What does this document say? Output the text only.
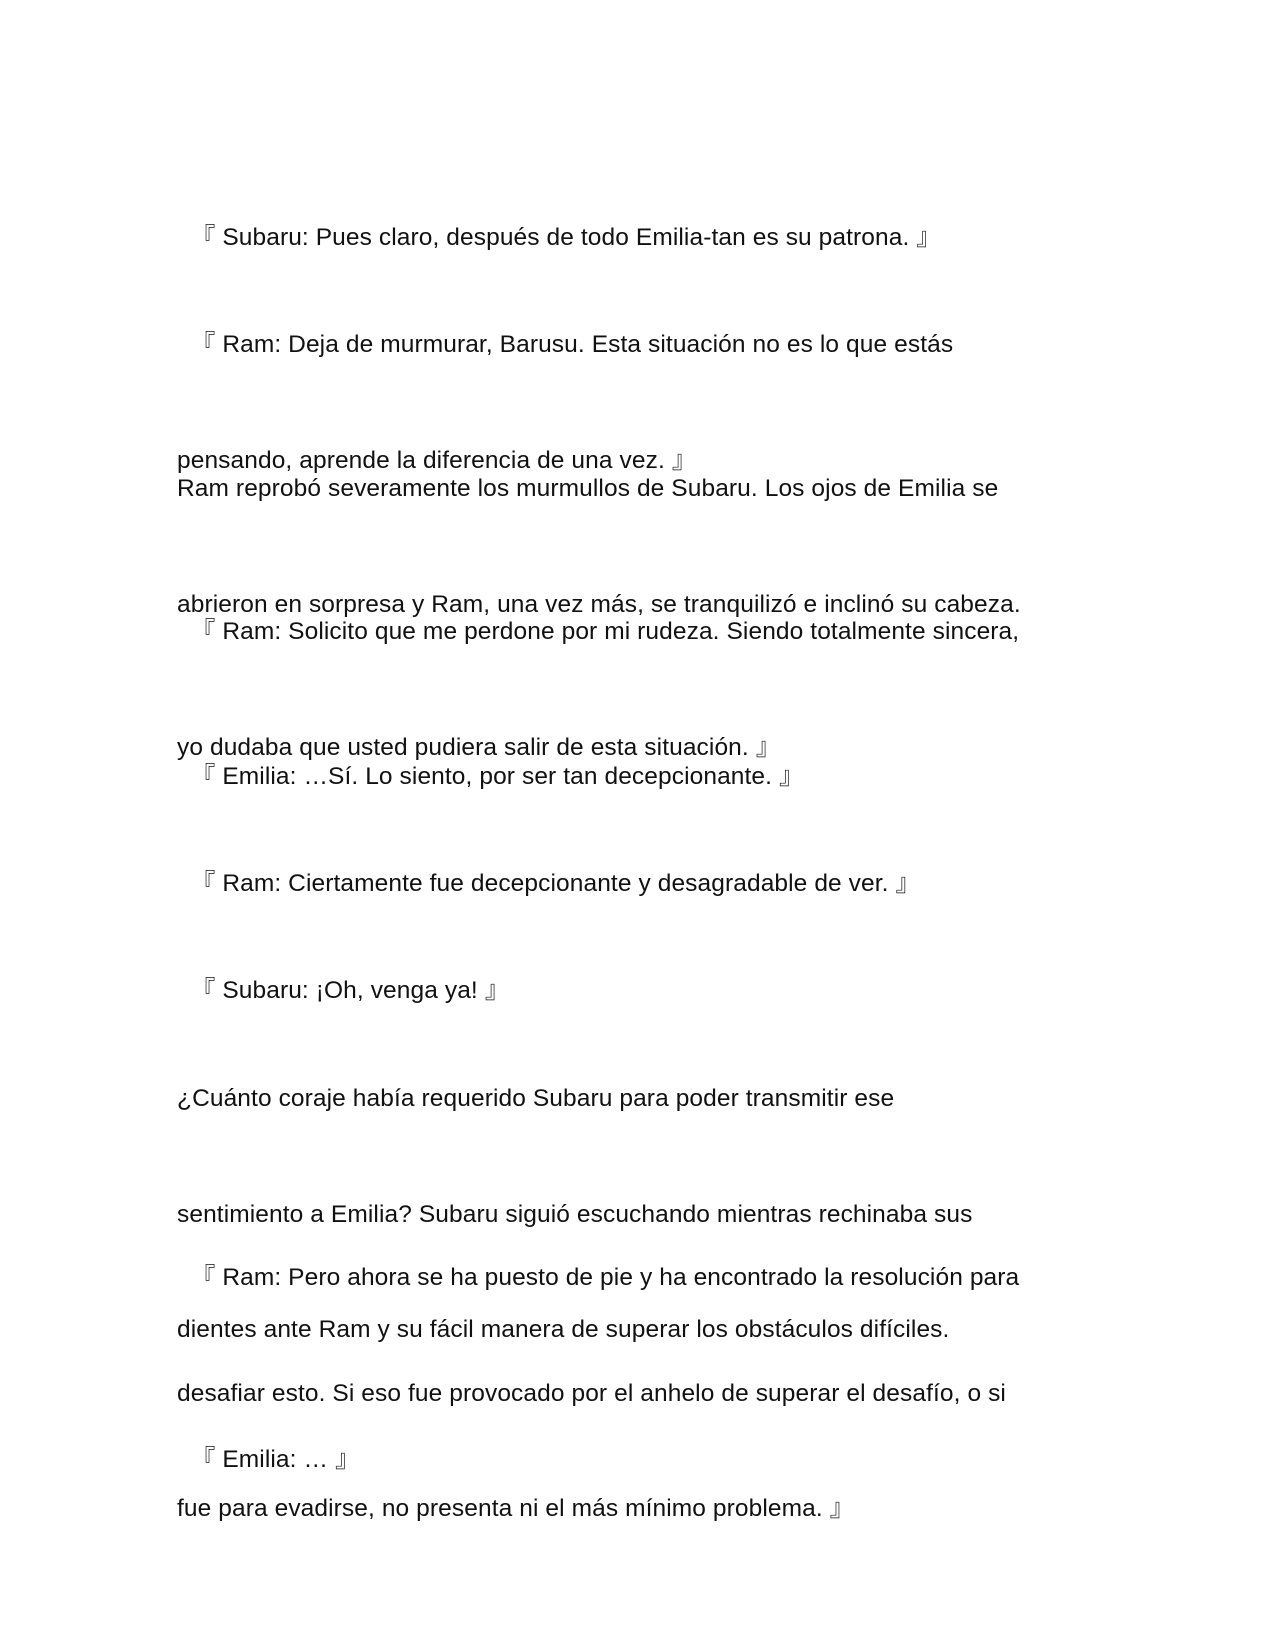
『 Subaru: Pues claro, después de todo Emilia-tan es su patrona. 』

『 Ram: Deja de murmurar, Barusu. Esta situación no es lo que estás

pensando, aprende la diferencia de una vez. 』

Ram reprobó severamente los murmullos de Subaru. Los ojos de Emilia se

abrieron en sorpresa y Ram, una vez más, se tranquilizó e inclinó su cabeza.

『 Ram: Solicito que me perdone por mi rudeza. Siendo totalmente sincera,

yo dudaba que usted pudiera salir de esta situación. 』

『 Emilia: …Sí. Lo siento, por ser tan decepcionante. 』

『 Ram: Ciertamente fue decepcionante y desagradable de ver. 』

『 Subaru: ¡Oh, venga ya! 』

¿Cuánto coraje había requerido Subaru para poder transmitir ese

sentimiento a Emilia? Subaru siguió escuchando mientras rechinaba sus

dientes ante Ram y su fácil manera de superar los obstáculos difíciles.

『 Ram: Pero ahora se ha puesto de pie y ha encontrado la resolución para

desafiar esto. Si eso fue provocado por el anhelo de superar el desafío, o si

fue para evadirse, no presenta ni el más mínimo problema. 』

『 Emilia: … 』
